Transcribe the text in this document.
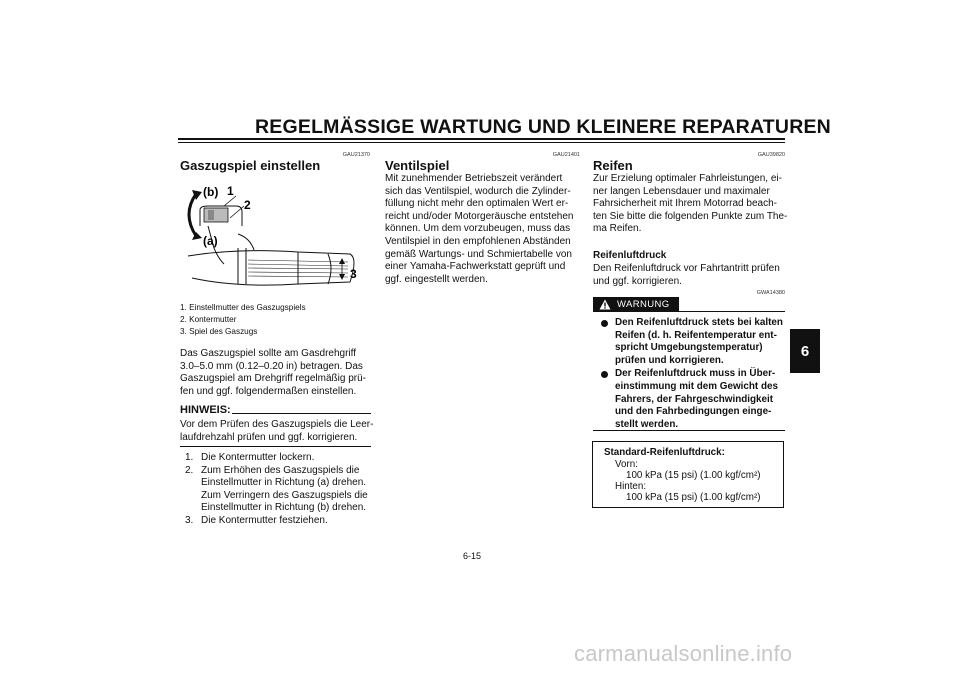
REGELMÄSSIGE WARTUNG UND KLEINERE REPARATUREN
6
GAU21370
Gaszugspiel einstellen
(b) 1
2
(a)
3
1. Einstellmutter des Gaszugspiels
2. Kontermutter
3. Spiel des Gaszugs
Das Gaszugspiel sollte am Gasdrehgriff
3.0–5.0 mm (0.12–0.20 in) betragen. Das
Gaszugspiel am Drehgriff regelmäßig prü-
fen und ggf. folgendermaßen einstellen.
HINWEIS:
Vor dem Prüfen des Gaszugspiels die Leer-
laufdrehzahl prüfen und ggf. korrigieren.
1. Die Kontermutter lockern.
2. Zum Erhöhen des Gaszugspiels die
Einstellmutter in Richtung (a) drehen.
Zum Verringern des Gaszugspiels die
Einstellmutter in Richtung (b) drehen.
3. Die Kontermutter festziehen.
GAU21401
Ventilspiel
Mit zunehmender Betriebszeit verändert
sich das Ventilspiel, wodurch die Zylinder-
füllung nicht mehr den optimalen Wert er-
reicht und/oder Motorgeräusche entstehen
können. Um dem vorzubeugen, muss das
Ventilspiel in den empfohlenen Abständen
gemäß Wartungs- und Schmiertabelle von
einer Yamaha-Fachwerkstatt geprüft und
ggf. eingestellt werden.
GAU39820
Reifen
Zur Erzielung optimaler Fahrleistungen, ei-
ner langen Lebensdauer und maximaler
Fahrsicherheit mit Ihrem Motorrad beach-
ten Sie bitte die folgenden Punkte zum The-
ma Reifen.
Reifenluftdruck
Den Reifenluftdruck vor Fahrtantritt prüfen
und ggf. korrigieren.
WARNUNG
GWA14380
Den Reifenluftdruck stets bei kalten
Reifen (d. h. Reifentemperatur ent-
spricht Umgebungstemperatur)
prüfen und korrigieren.
Der Reifenluftdruck muss in Über-
einstimmung mit dem Gewicht des
Fahrers, der Fahrgeschwindigkeit
und den Fahrbedingungen einge-
stellt werden.
Standard-Reifenluftdruck:
Vorn:
100 kPa (15 psi) (1.00 kgf/cm²)
Hinten:
100 kPa (15 psi) (1.00 kgf/cm²)
6-15
carmanualsonline.info
